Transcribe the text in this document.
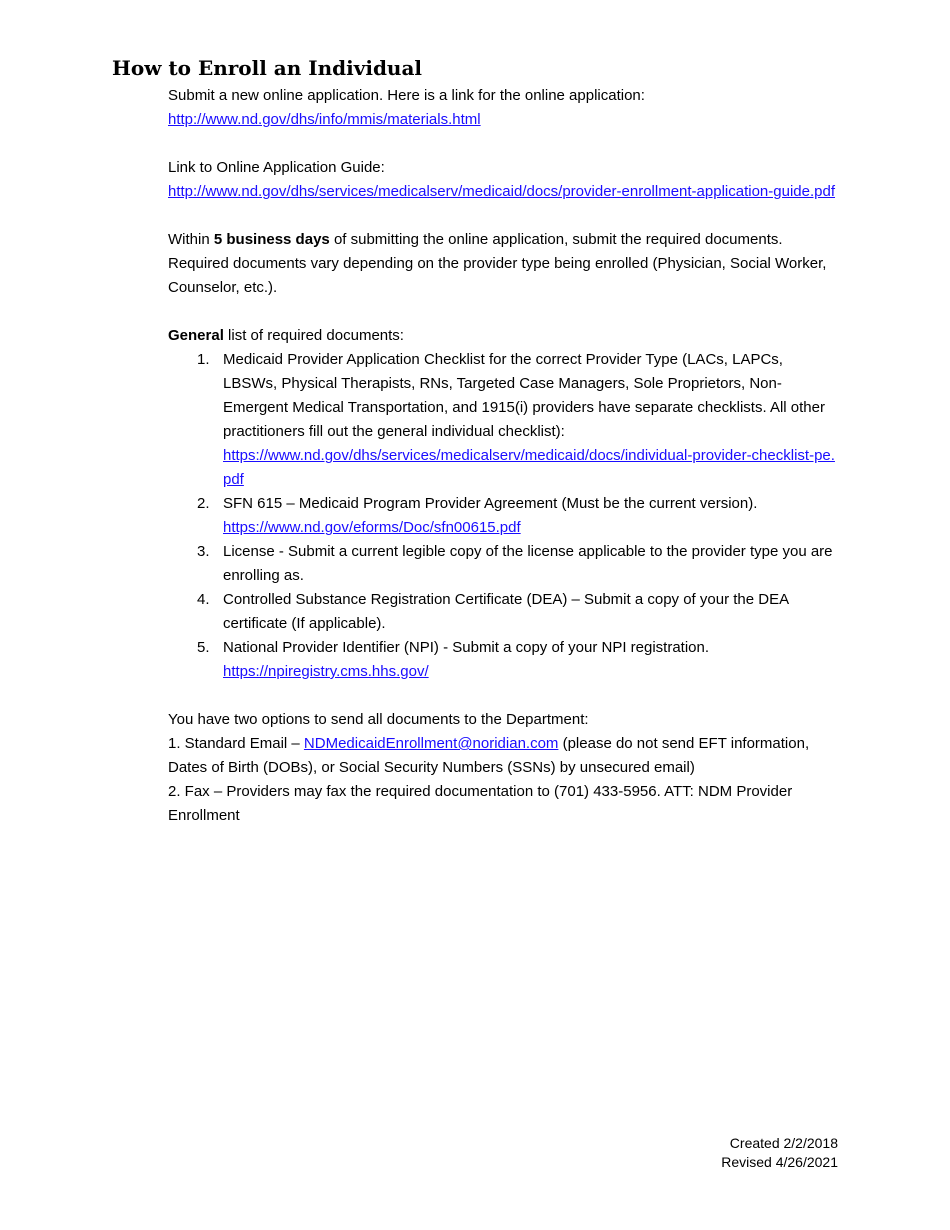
How to Enroll an Individual

Submit a new online application. Here is a link for the online application:
http://www.nd.gov/dhs/info/mmis/materials.html

Link to Online Application Guide:
http://www.nd.gov/dhs/services/medicalserv/medicaid/docs/provider-enrollment-application-guide.pdf

Within 5 business days of submitting the online application, submit the required documents. Required documents vary depending on the provider type being enrolled (Physician, Social Worker, Counselor, etc.).

General list of required documents:

1. Medicaid Provider Application Checklist for the correct Provider Type (LACs, LAPCs, LBSWs, Physical Therapists, RNs, Targeted Case Managers, Sole Proprietors, Non-Emergent Medical Transportation, and 1915(i) providers have separate checklists. All other practitioners fill out the general individual checklist):
https://www.nd.gov/dhs/services/medicalserv/medicaid/docs/individual-provider-checklist-pe.pdf
2. SFN 615 – Medicaid Program Provider Agreement (Must be the current version).
https://www.nd.gov/eforms/Doc/sfn00615.pdf
3. License - Submit a current legible copy of the license applicable to the provider type you are enrolling as.
4. Controlled Substance Registration Certificate (DEA) – Submit a copy of your the DEA certificate (If applicable).
5. National Provider Identifier (NPI) - Submit a copy of your NPI registration.
https://npiregistry.cms.hhs.gov/

You have two options to send all documents to the Department:

1. Standard Email – NDMedicaidEnrollment@noridian.com (please do not send EFT information, Dates of Birth (DOBs), or Social Security Numbers (SSNs) by unsecured email)

2. Fax – Providers may fax the required documentation to (701) 433-5956. ATT: NDM Provider Enrollment

Created 2/2/2018
Revised 4/26/2021
